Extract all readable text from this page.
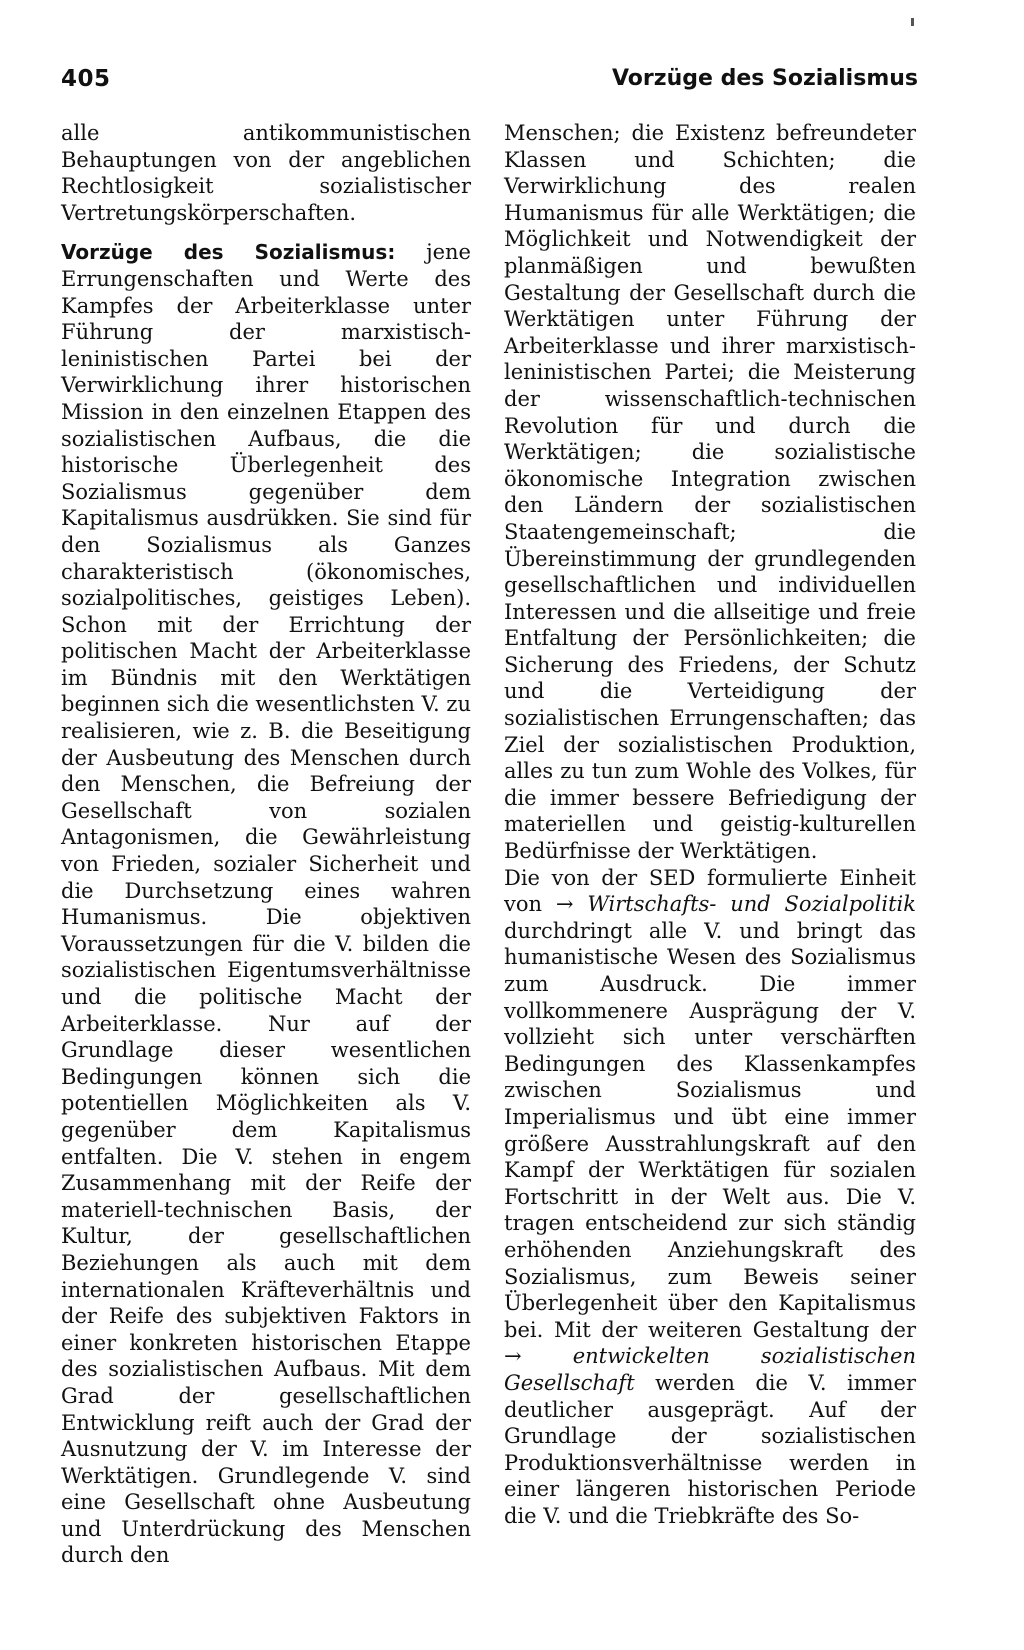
405	Vorzüge des Sozialismus

alle antikommunistischen Behauptungen von der angeblichen Rechtlosigkeit sozialistischer Vertretungskörperschaften.

Vorzüge des Sozialismus: jene Errungenschaften und Werte des Kampfes der Arbeiterklasse unter Führung der marxistisch-leninistischen Partei bei der Verwirklichung ihrer historischen Mission in den einzelnen Etappen des sozialistischen Aufbaus, die die historische Überlegenheit des Sozialismus gegenüber dem Kapitalismus ausdrükken. Sie sind für den Sozialismus als Ganzes charakteristisch (ökonomisches, sozialpolitisches, geistiges Leben). Schon mit der Errichtung der politischen Macht der Arbeiterklasse im Bündnis mit den Werktätigen beginnen sich die wesentlichsten V. zu realisieren, wie z. B. die Beseitigung der Ausbeutung des Menschen durch den Menschen, die Befreiung der Gesellschaft von sozialen Antagonismen, die Gewährleistung von Frieden, sozialer Sicherheit und die Durchsetzung eines wahren Humanismus. Die objektiven Voraussetzungen für die V. bilden die sozialistischen Eigentumsverhältnisse und die politische Macht der Arbeiterklasse. Nur auf der Grundlage dieser wesentlichen Bedingungen können sich die potentiellen Möglichkeiten als V. gegenüber dem Kapitalismus entfalten. Die V. stehen in engem Zusammenhang mit der Reife der materiell-technischen Basis, der Kultur, der gesellschaftlichen Beziehungen als auch mit dem internationalen Kräfteverhältnis und der Reife des subjektiven Faktors in einer konkreten historischen Etappe des sozialistischen Aufbaus. Mit dem Grad der gesellschaftlichen Entwicklung reift auch der Grad der Ausnutzung der V. im Interesse der Werktätigen. Grundlegende V. sind eine Gesellschaft ohne Ausbeutung und Unterdrückung des Menschen durch den

Menschen; die Existenz befreundeter Klassen und Schichten; die Verwirklichung des realen Humanismus für alle Werktätigen; die Möglichkeit und Notwendigkeit der planmäßigen und bewußten Gestaltung der Gesellschaft durch die Werktätigen unter Führung der Arbeiterklasse und ihrer marxistisch-leninistischen Partei; die Meisterung der wissenschaftlich-technischen Revolution für und durch die Werktätigen; die sozialistische ökonomische Integration zwischen den Ländern der sozialistischen Staatengemeinschaft; die Übereinstimmung der grundlegenden gesellschaftlichen und individuellen Interessen und die allseitige und freie Entfaltung der Persönlichkeiten; die Sicherung des Friedens, der Schutz und die Verteidigung der sozialistischen Errungenschaften; das Ziel der sozialistischen Produktion, alles zu tun zum Wohle des Volkes, für die immer bessere Befriedigung der materiellen und geistig-kulturellen Bedürfnisse der Werktätigen.

Die von der SED formulierte Einheit von → Wirtschafts- und Sozialpolitik durchdringt alle V. und bringt das humanistische Wesen des Sozialismus zum Ausdruck. Die immer vollkommenere Ausprägung der V. vollzieht sich unter verschärften Bedingungen des Klassenkampfes zwischen Sozialismus und Imperialismus und übt eine immer größere Ausstrahlungskraft auf den Kampf der Werktätigen für sozialen Fortschritt in der Welt aus. Die V. tragen entscheidend zur sich ständig erhöhenden Anziehungskraft des Sozialismus, zum Beweis seiner Überlegenheit über den Kapitalismus bei. Mit der weiteren Gestaltung der → entwickelten sozialistischen Gesellschaft werden die V. immer deutlicher ausgeprägt. Auf der Grundlage der sozialistischen Produktionsverhältnisse werden in einer längeren historischen Periode die V. und die Triebkräfte des So-
